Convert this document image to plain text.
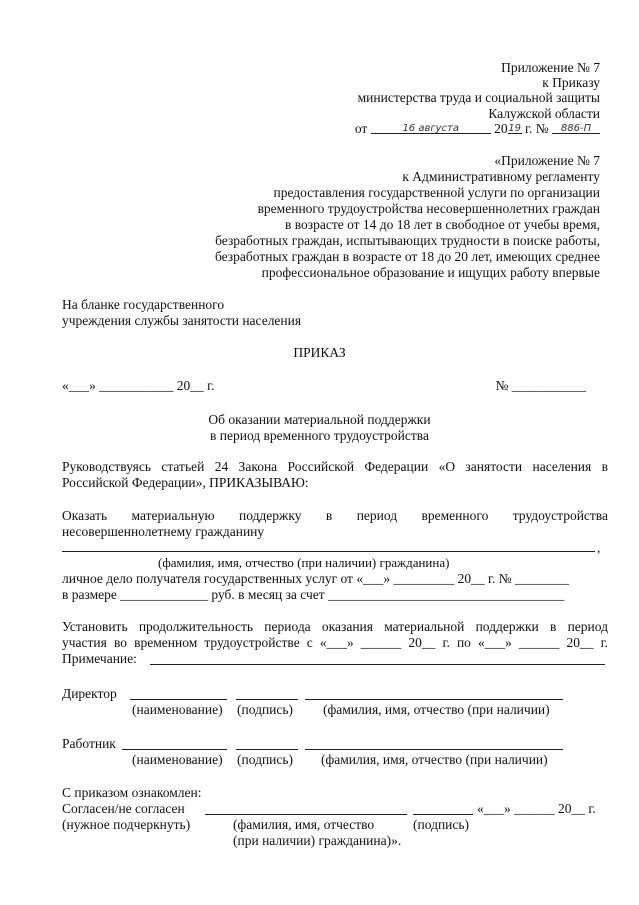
Приложение № 7
к Приказу
министерства труда и социальной защиты
Калужской области
от	16 августа	2019 г. № 886-П
«Приложение № 7
к Административному регламенту
предоставления государственной услуги по организации
временного трудоустройства несовершеннолетних граждан
в возрасте от 14 до 18 лет в свободное от учебы время,
безработных граждан, испытывающих трудности в поиске работы,
безработных граждан в возрасте от 18 до 20 лет, имеющих среднее
профессиональное образование и ищущих работу впервые
На бланке государственного
учреждения службы занятости населения
ПРИКАЗ
«___» ___________ 20__ г.	№ ___________
Об оказании материальной поддержки
в период временного трудоустройства
Руководствуясь статьей 24 Закона Российской Федерации «О занятости населения в
Российской Федерации», ПРИКАЗЫВАЮ:
Оказать материальную поддержку в период временного трудоустройства
несовершеннолетнему гражданину
,
(фамилия, имя, отчество (при наличии) гражданина)
личное дело получателя государственных услуг от «___» _________ 20__ г. № ________
в размере _____________ руб. в месяц за счет ___________________________________
Установить продолжительность периода оказания материальной поддержки в период
участия во временном трудоустройстве с «___» ______ 20__ г. по «___» ______ 20__ г.
Примечание:
Директор
(наименование) (подпись) (фамилия, имя, отчество (при наличии)
Работник
(наименование) (подпись) (фамилия, имя, отчество (при наличии)
С приказом ознакомлен:
Согласен/не согласен	«___» ______ 20__ г.
(нужное подчеркнуть)	(фамилия, имя, отчество	(подпись)
(при наличии) гражданина)».
